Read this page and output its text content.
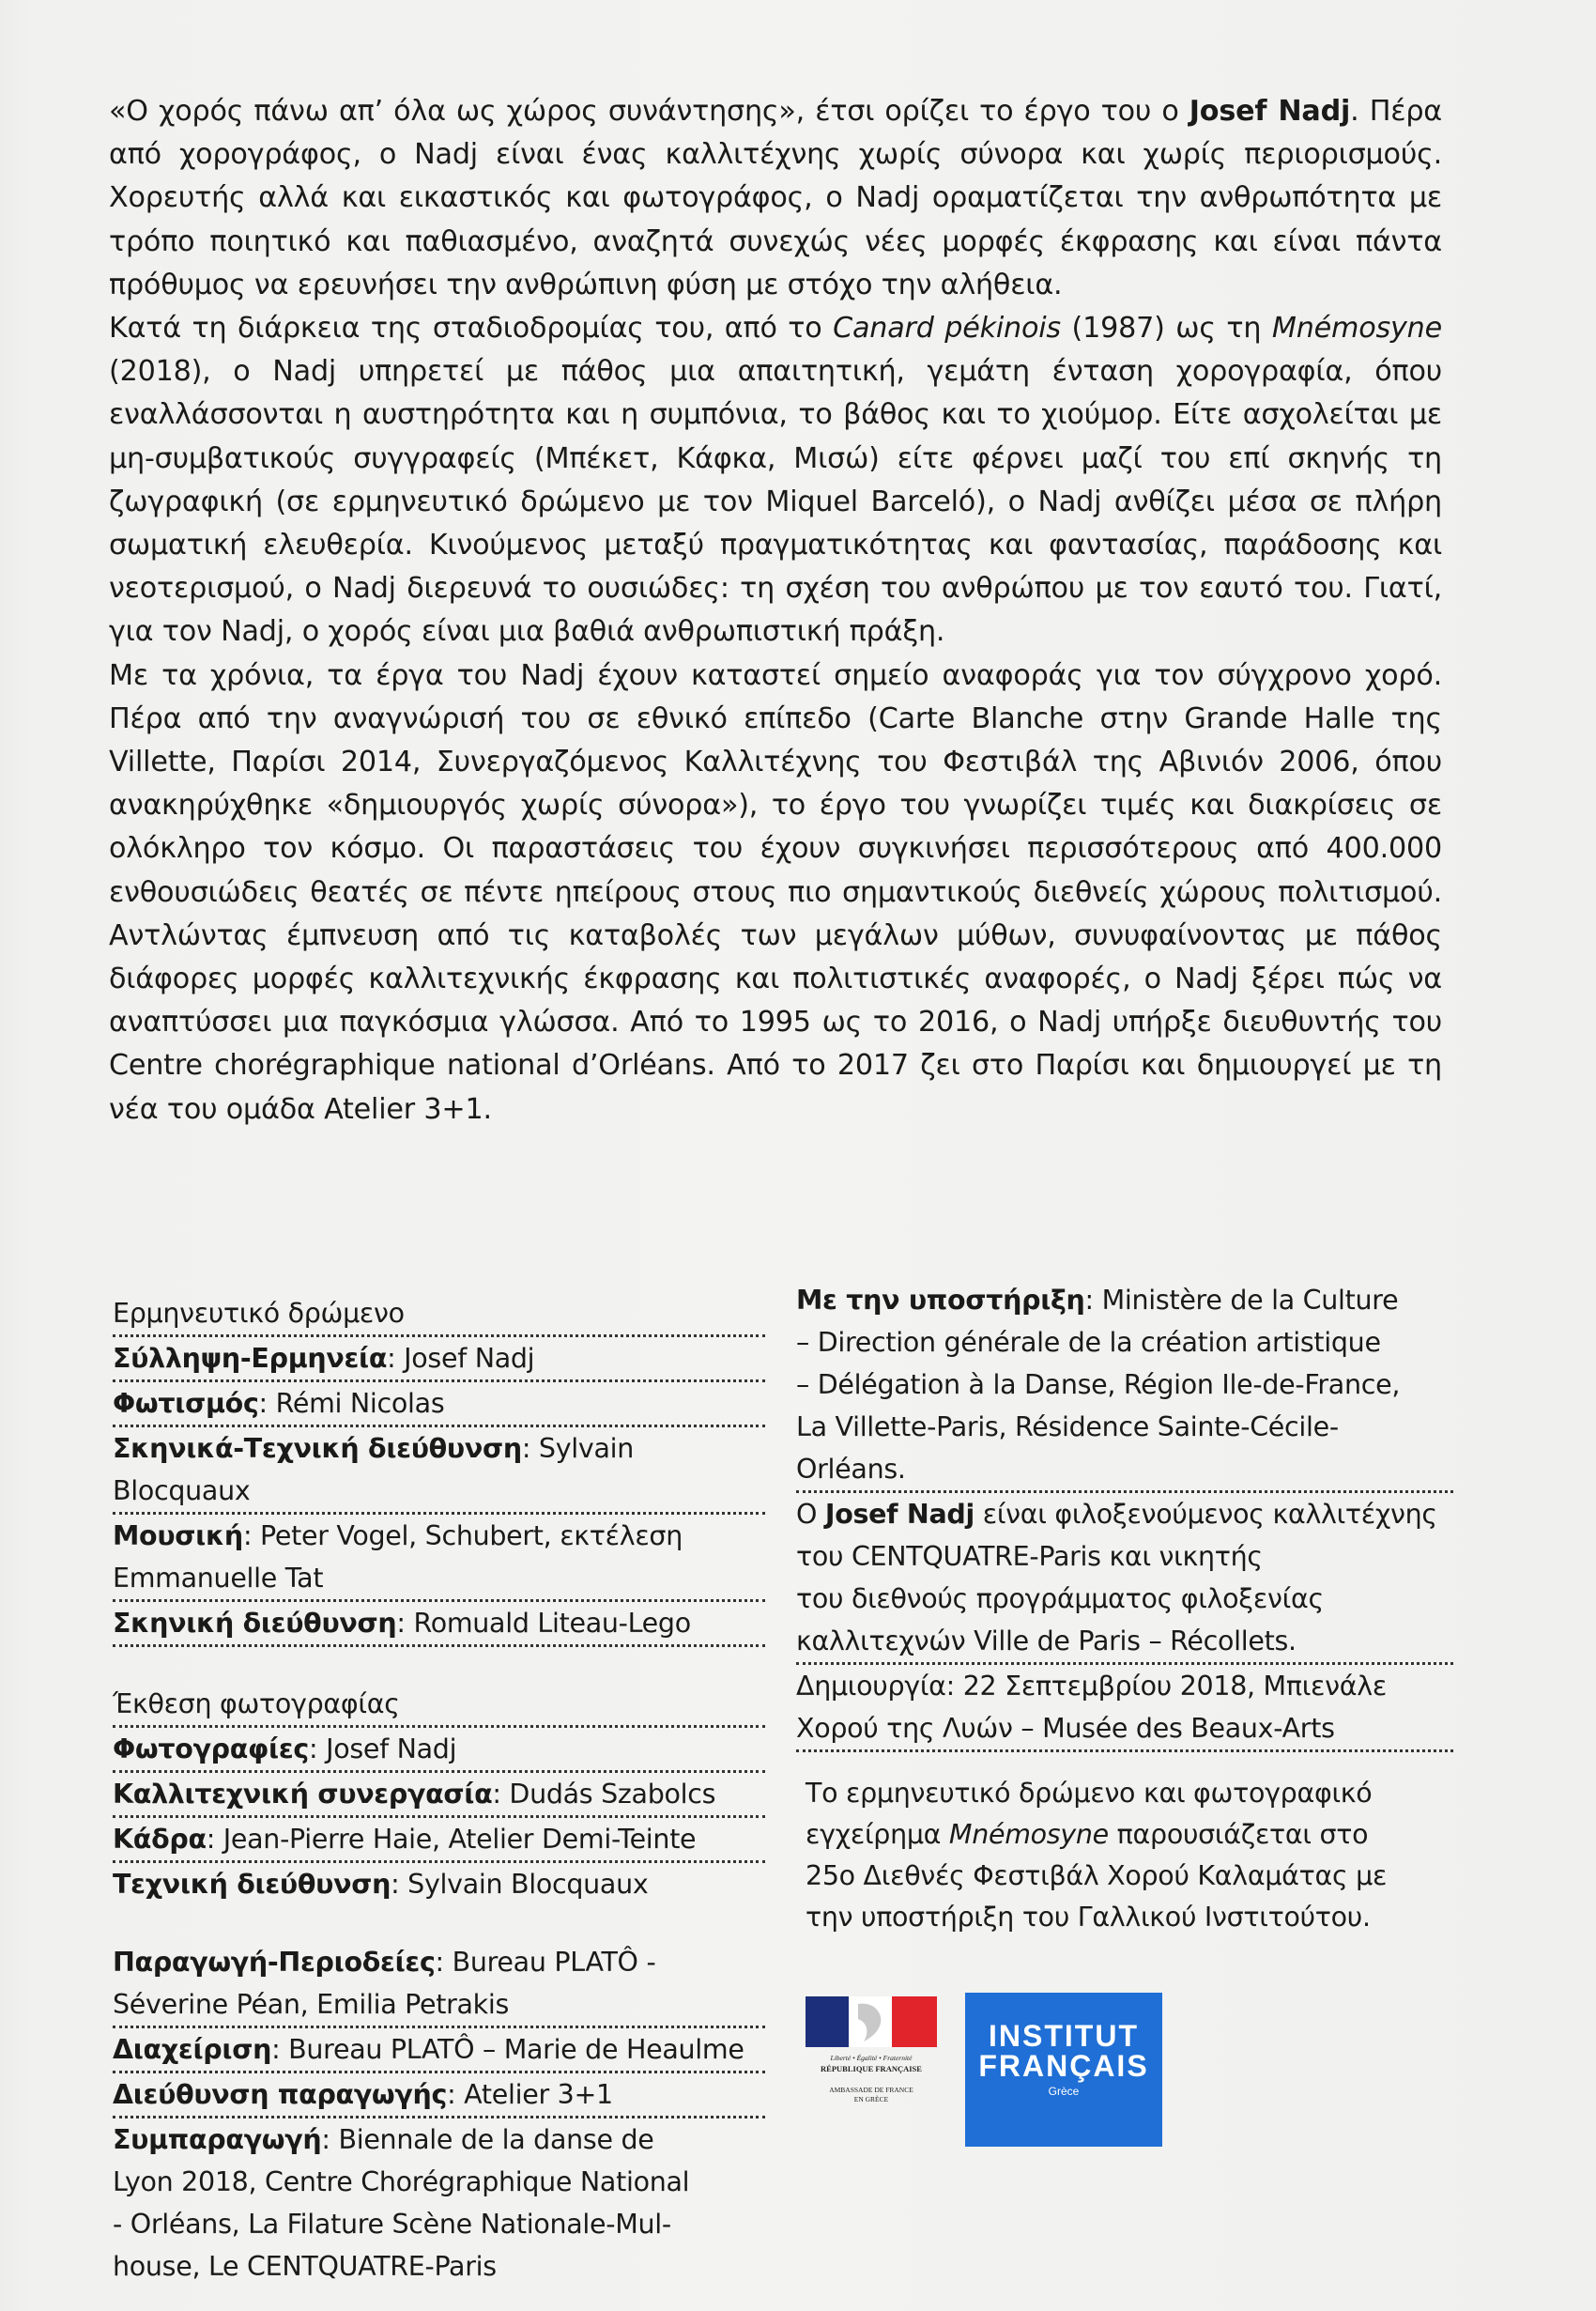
«Ο χορός πάνω απ’ όλα ως χώρος συνάντησης», έτσι ορίζει το έργο του ο Josef Nadj. Πέρα από χορογράφος, ο Nadj είναι ένας καλλιτέχνης χωρίς σύνορα και χωρίς περιορισμούς. Χορευτής αλλά και εικαστικός και φωτογράφος, ο Nadj οραματίζεται την ανθρωπότητα με τρόπο ποιητικό και παθιασμένο, αναζητά συνεχώς νέες μορφές έκφρασης και είναι πάντα πρόθυμος να ερευνήσει την ανθρώπινη φύση με στόχο την αλήθεια.

Κατά τη διάρκεια της σταδιοδρομίας του, από το Canard pékinois (1987) ως τη Mnémosyne (2018), ο Nadj υπηρετεί με πάθος μια απαιτητική, γεμάτη ένταση χορογραφία, όπου εναλλάσσονται η αυστηρότητα και η συμπόνια, το βάθος και το χιούμορ. Είτε ασχολείται με μη-συμβατικούς συγγραφείς (Μπέκετ, Κάφκα, Μισώ) είτε φέρνει μαζί του επί σκηνής τη ζωγραφική (σε ερμηνευτικό δρώμενο με τον Miquel Barceló), ο Nadj ανθίζει μέσα σε πλήρη σωματική ελευθερία. Κινούμενος μεταξύ πραγματικότητας και φαντασίας, παράδοσης και νεοτερισμού, ο Nadj διερευνά το ουσιώδες: τη σχέση του ανθρώπου με τον εαυτό του. Γιατί, για τον Nadj, ο χορός είναι μια βαθιά ανθρωπιστική πράξη.

Με τα χρόνια, τα έργα του Nadj έχουν καταστεί σημείο αναφοράς για τον σύγχρονο χορό. Πέρα από την αναγνώρισή του σε εθνικό επίπεδο (Carte Blanche στην Grande Halle της Villette, Παρίσι 2014, Συνεργαζόμενος Καλλιτέχνης του Φεστιβάλ της Αβινιόν 2006, όπου ανακηρύχθηκε «δημιουργός χωρίς σύνορα»), το έργο του γνωρίζει τιμές και διακρίσεις σε ολόκληρο τον κόσμο. Οι παραστάσεις του έχουν συγκινήσει περισσότερους από 400.000 ενθουσιώδεις θεατές σε πέντε ηπείρους στους πιο σημαντικούς διεθνείς χώρους πολιτισμού. Αντλώντας έμπνευση από τις καταβολές των μεγάλων μύθων, συνυφαίνοντας με πάθος διάφορες μορφές καλλιτεχνικής έκφρασης και πολιτιστικές αναφορές, ο Nadj ξέρει πώς να αναπτύσσει μια παγκόσμια γλώσσα. Από το 1995 ως το 2016, ο Nadj υπήρξε διευθυντής του Centre chorégraphique national d’Orléans. Από το 2017 ζει στο Παρίσι και δημιουργεί με τη νέα του ομάδα Atelier 3+1.

Ερμηνευτικό δρώμενο
Σύλληψη-Ερμηνεία: Josef Nadj
Φωτισμός: Rémi Nicolas
Σκηνικά-Τεχνική διεύθυνση: Sylvain Blocquaux
Μουσική: Peter Vogel, Schubert, εκτέλεση
Emmanuelle Tat
Σκηνική διεύθυνση: Romuald Liteau-Lego
Έκθεση φωτογραφίας
Φωτογραφίες: Josef Nadj
Καλλιτεχνική συνεργασία: Dudás Szabolcs
Κάδρα: Jean-Pierre Haie, Atelier Demi-Teinte
Τεχνική διεύθυνση: Sylvain Blocquaux
Παραγωγή-Περιοδείες: Bureau PLATÔ -
Séverine Péan, Emilia Petrakis
Διαχείριση: Bureau PLATÔ – Marie de Heaulme
Διεύθυνση παραγωγής: Atelier 3+1
Συμπαραγωγή: Biennale de la danse de
Lyon 2018, Centre Chorégraphique National
- Orléans, La Filature Scène Nationale-Mul-
house, Le CENTQUATRE-Paris
Με την υποστήριξη: Ministère de la Culture
– Direction générale de la création artistique
– Délégation à la Danse, Région Ile-de-France,
La Villette-Paris, Résidence Sainte-Cécile-
Orléans.
Ο Josef Nadj είναι φιλοξενούμενος καλλιτέχνης
του CENTQUATRE-Paris και νικητής
του διεθνούς προγράμματος φιλοξενίας
καλλιτεχνών Ville de Paris – Récollets.
Δημιουργία: 22 Σεπτεμβρίου 2018, Μπιενάλε
Χορού της Λυών – Musée des Beaux-Arts
Το ερμηνευτικό δρώμενο και φωτογραφικό
εγχείρημα Mnémosyne παρουσιάζεται στο
25ο Διεθνές Φεστιβάλ Χορού Καλαμάτας με
την υποστήριξη του Γαλλικού Ινστιτούτου.
Liberté • Égalité • Fraternité
RÉPUBLIQUE FRANÇAISE
AMBASSADE DE FRANCE
EN GRÈCE
INSTITUT
FRANÇAIS
Grèce
